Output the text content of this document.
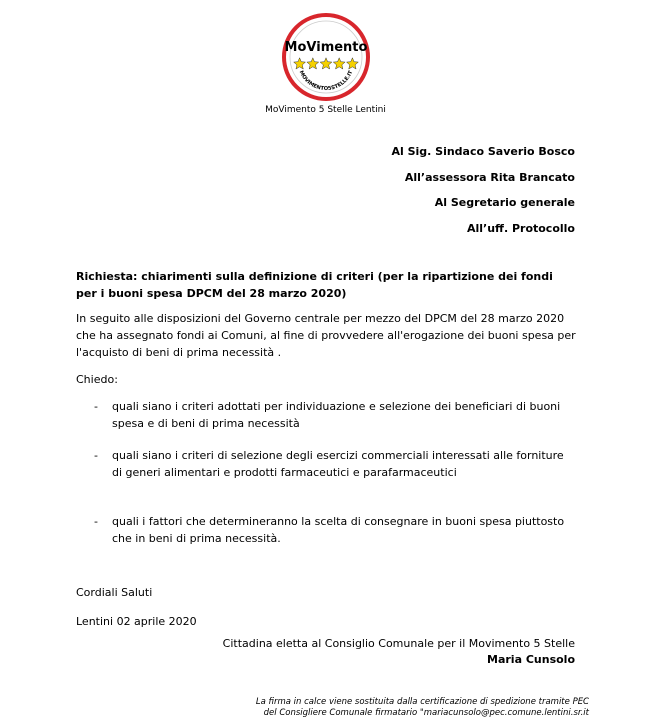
MoVimento
MOVIMENTO5STELLE.IT
MoVimento 5 Stelle Lentini
Al Sig. Sindaco Saverio Bosco
All’assessora Rita Brancato
Al Segretario generale
All’uff. Protocollo

Richiesta: chiarimenti sulla definizione di criteri (per la ripartizione dei fondi per i buoni spesa DPCM del 28 marzo 2020)

In seguito alle disposizioni del Governo centrale per mezzo del DPCM del 28 marzo 2020 che ha assegnato fondi ai Comuni, al fine di provvedere all'erogazione dei buoni spesa per l'acquisto di beni di prima necessità .

Chiedo:

- quali siano i criteri adottati per individuazione e selezione dei beneficiari di buoni spesa e di beni di prima necessità
- quali siano i criteri di selezione degli esercizi commerciali interessati alle forniture di generi alimentari e prodotti farmaceutici e parafarmaceutici
- quali i fattori che determineranno la scelta di consegnare in buoni spesa piuttosto che in beni di prima necessità.
Cordiali Saluti
Lentini 02 aprile 2020
Cittadina eletta al Consiglio Comunale per il Movimento 5 Stelle
Maria Cunsolo
La firma in calce viene sostituita dalla certificazione di spedizione tramite PEC
del Consigliere Comunale firmatario "mariacunsolo@pec.comune.lentini.sr.it
